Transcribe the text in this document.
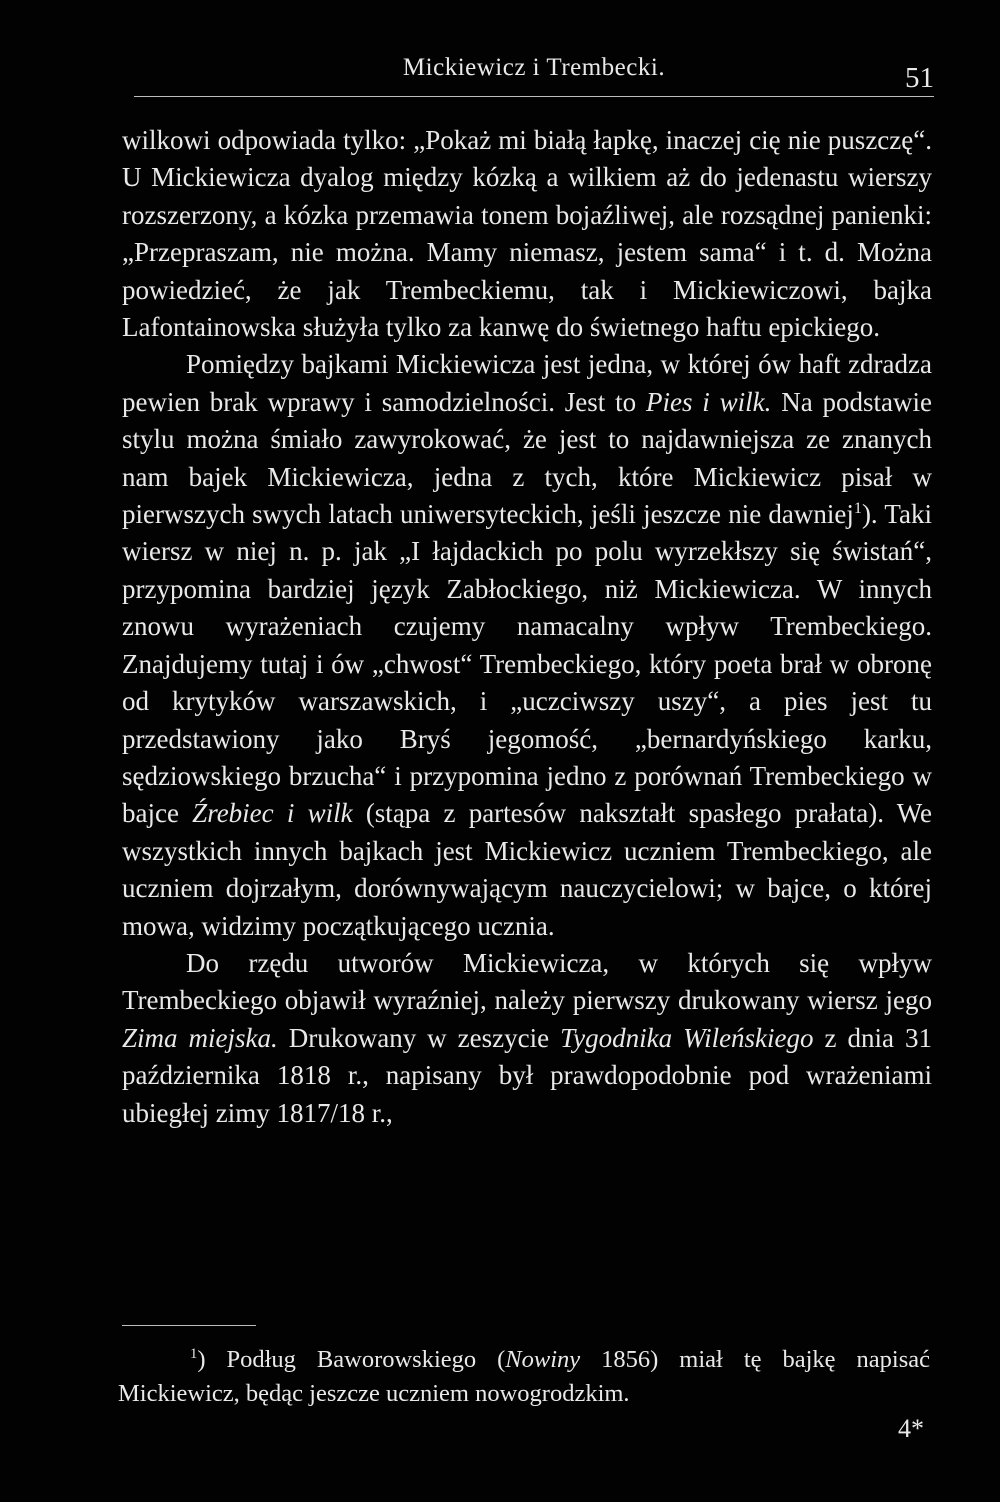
Mickiewicz i Trembecki.	51

wilkowi odpowiada tylko: „Pokaż mi białą łapkę, inaczej cię nie puszczę“. U Mickiewicza dyalog między kózką a wilkiem aż do jedenastu wierszy rozszerzony, a kózka przemawia tonem bojaźliwej, ale rozsądnej panienki: „Przepraszam, nie można. Mamy niemasz, jestem sama“ i t. d. Można powiedzieć, że jak Trembeckiemu, tak i Mickiewiczowi, bajka Lafontainowska służyła tylko za kanwę do świetnego haftu epickiego.

Pomiędzy bajkami Mickiewicza jest jedna, w której ów haft zdradza pewien brak wprawy i samodzielności. Jest to Pies i wilk. Na podstawie stylu można śmiało zawyrokować, że jest to najdawniejsza ze znanych nam bajek Mickiewicza, jedna z tych, które Mickiewicz pisał w pierwszych swych latach uniwersyteckich, jeśli jeszcze nie dawniej$^1$). Taki wiersz w niej n. p. jak „I łajdackich po polu wyrzekłszy się świstań“, przypomina bardziej język Zabłockiego, niż Mickiewicza. W innych znowu wyrażeniach czujemy namacalny wpływ Trembeckiego. Znajdujemy tutaj i ów „chwost“ Trembeckiego, który poeta brał w obronę od krytyków warszawskich, i „uczciwszy uszy“, a pies jest tu przedstawiony jako Bryś jegomość, „bernardyńskiego karku, sędziowskiego brzucha“ i przypomina jedno z porównań Trembeckiego w bajce Źrebiec i wilk (stąpa z partesów nakształt spasłego prałata). We wszystkich innych bajkach jest Mickiewicz uczniem Trembeckiego, ale uczniem dojrzałym, dorównywającym nauczycielowi; w bajce, o której mowa, widzimy początkującego ucznia.

Do rzędu utworów Mickiewicza, w których się wpływ Trembeckiego objawił wyraźniej, należy pierwszy drukowany wiersz jego Zima miejska. Drukowany w zeszycie Tygodnika Wileńskiego z dnia 31 października 1818 r., napisany był prawdopodobnie pod wrażeniami ubiegłej zimy 1817/18 r.,

$^1$) Podług Baworowskiego (Nowiny 1856) miał tę bajkę napisać Mickiewicz, będąc jeszcze uczniem nowogrodzkim.
4*
